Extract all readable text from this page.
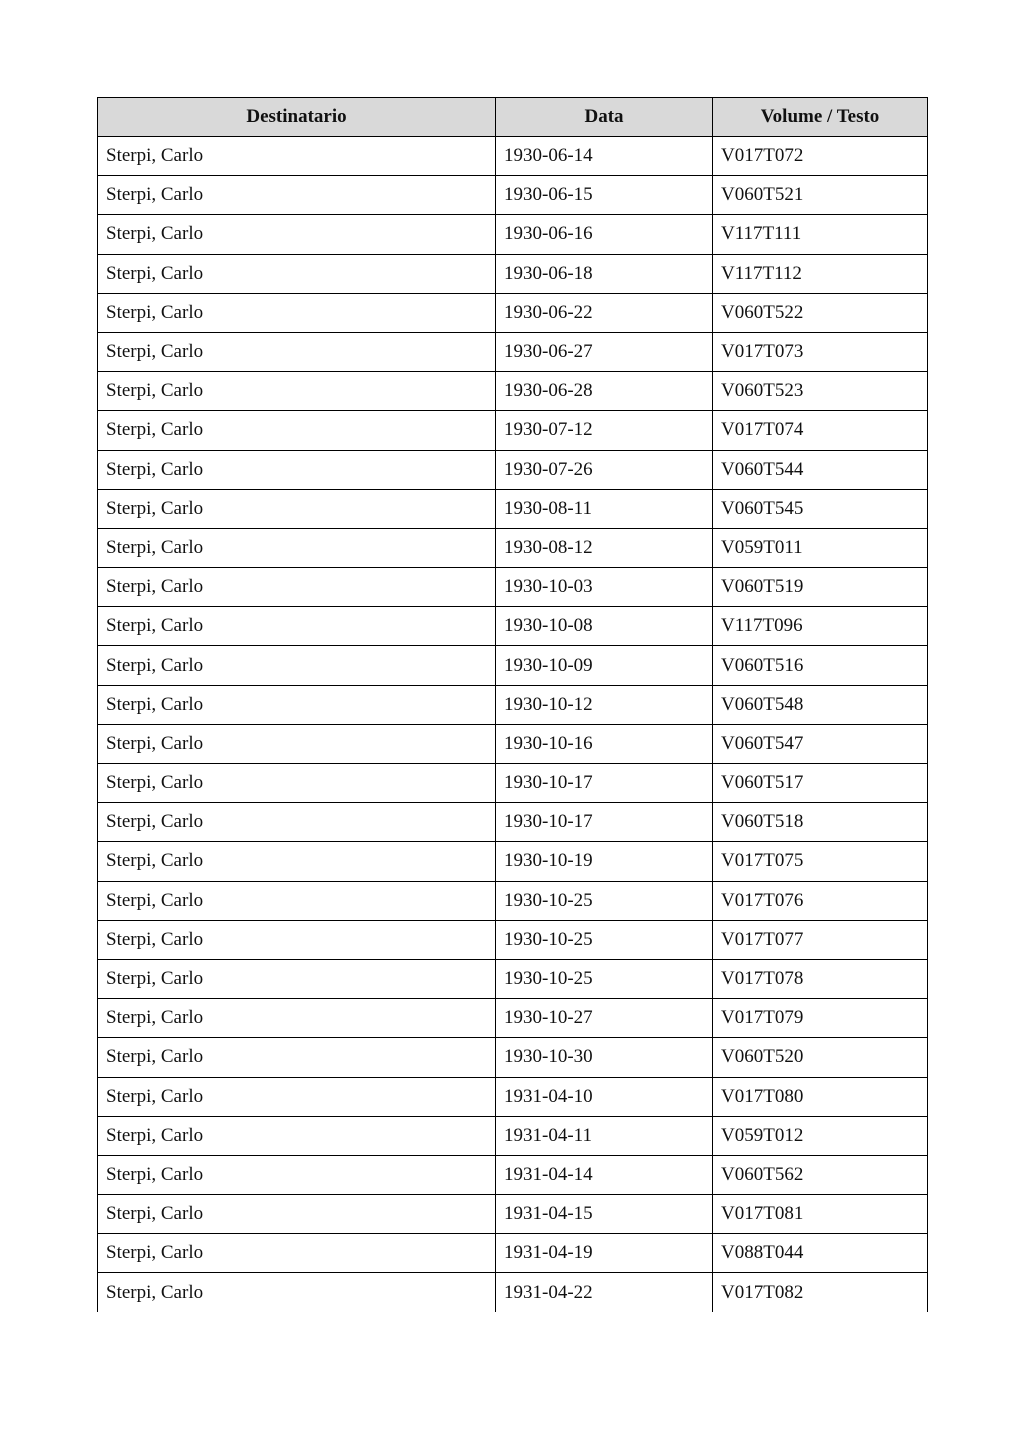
Destinatario	Data	Volume / Testo
Sterpi, Carlo	1930-06-14	V017T072
Sterpi, Carlo	1930-06-15	V060T521
Sterpi, Carlo	1930-06-16	V117T111
Sterpi, Carlo	1930-06-18	V117T112
Sterpi, Carlo	1930-06-22	V060T522
Sterpi, Carlo	1930-06-27	V017T073
Sterpi, Carlo	1930-06-28	V060T523
Sterpi, Carlo	1930-07-12	V017T074
Sterpi, Carlo	1930-07-26	V060T544
Sterpi, Carlo	1930-08-11	V060T545
Sterpi, Carlo	1930-08-12	V059T011
Sterpi, Carlo	1930-10-03	V060T519
Sterpi, Carlo	1930-10-08	V117T096
Sterpi, Carlo	1930-10-09	V060T516
Sterpi, Carlo	1930-10-12	V060T548
Sterpi, Carlo	1930-10-16	V060T547
Sterpi, Carlo	1930-10-17	V060T517
Sterpi, Carlo	1930-10-17	V060T518
Sterpi, Carlo	1930-10-19	V017T075
Sterpi, Carlo	1930-10-25	V017T076
Sterpi, Carlo	1930-10-25	V017T077
Sterpi, Carlo	1930-10-25	V017T078
Sterpi, Carlo	1930-10-27	V017T079
Sterpi, Carlo	1930-10-30	V060T520
Sterpi, Carlo	1931-04-10	V017T080
Sterpi, Carlo	1931-04-11	V059T012
Sterpi, Carlo	1931-04-14	V060T562
Sterpi, Carlo	1931-04-15	V017T081
Sterpi, Carlo	1931-04-19	V088T044
Sterpi, Carlo	1931-04-22	V017T082
